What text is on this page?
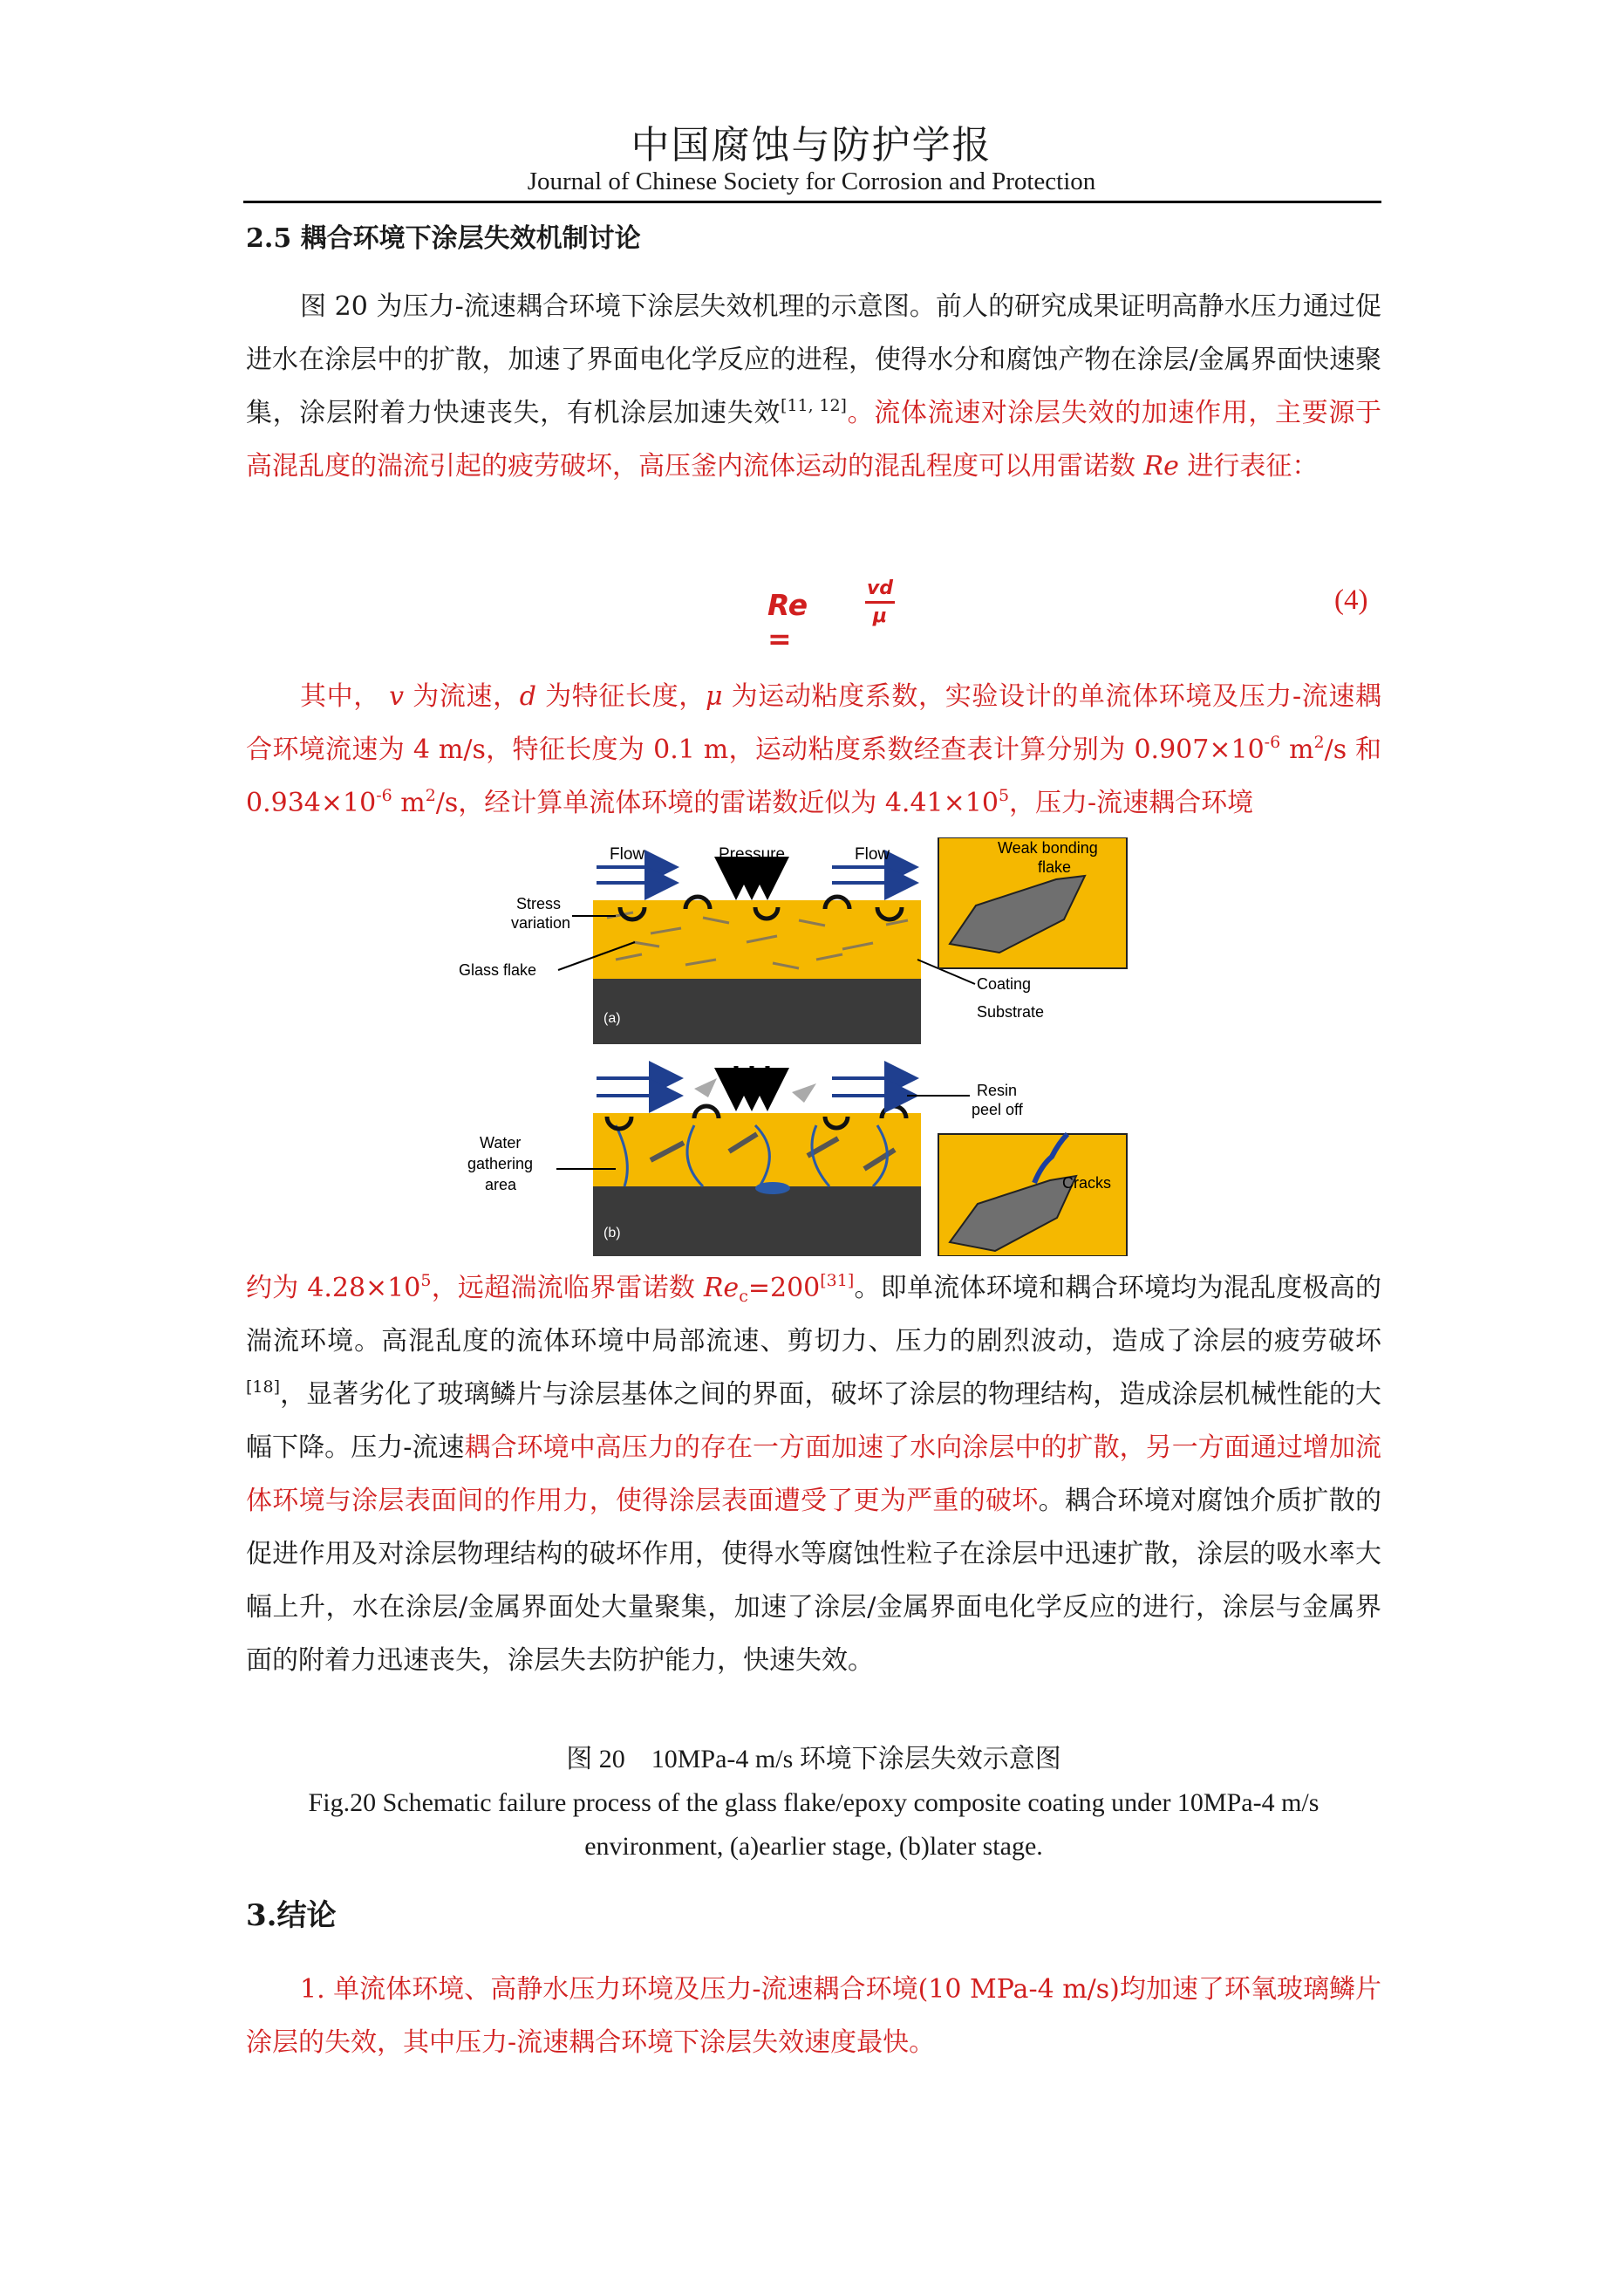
中国腐蚀与防护学报
Journal of Chinese Society for Corrosion and Protection
2.5 耦合环境下涂层失效机制讨论
图 20 为压力-流速耦合环境下涂层失效机理的示意图。前人的研究成果证明高静水压力通过促进水在涂层中的扩散，加速了界面电化学反应的进程，使得水分和腐蚀产物在涂层/金属界面快速聚集，涂层附着力快速丧失，有机涂层加速失效[11, 12]。流体流速对涂层失效的加速作用，主要源于高混乱度的湍流引起的疲劳破坏，高压釜内流体运动的混乱程度可以用雷诺数 Re 进行表征：
Re =
vd
μ
(4)
其中， v 为流速，d 为特征长度，μ 为运动粘度系数，实验设计的单流体环境及压力-流速耦合环境流速为 4 m/s，特征长度为 0.1 m，运动粘度系数经查表计算分别为 $0.907\times 10^{-6}$ $m^2/s$ 和 $0.934\times 10^{-6}$ $m^2/s$，经计算单流体环境的雷诺数近似为 $4.41\times 10^5$，压力-流速耦合环境
Flow	Pressure	Flow
Stress
variation
Glass flake
Coating
Substrate
(a)
Weak bonding
flake
Resin
peel off
Water
gathering
area
(b)
Cracks
约为 $4.28\times 10^5$，远超湍流临界雷诺数 $Re_c=200[31]$。即单流体环境和耦合环境均为混乱度极高的湍流环境。高混乱度的流体环境中局部流速、剪切力、压力的剧烈波动，造成了涂层的疲劳破坏[18]，显著劣化了玻璃鳞片与涂层基体之间的界面，破坏了涂层的物理结构，造成涂层机械性能的大幅下降。压力-流速耦合环境中高压力的存在一方面加速了水向涂层中的扩散，另一方面通过增加流体环境与涂层表面间的作用力，使得涂层表面遭受了更为严重的破坏。耦合环境对腐蚀介质扩散的促进作用及对涂层物理结构的破坏作用，使得水等腐蚀性粒子在涂层中迅速扩散，涂层的吸水率大幅上升，水在涂层/金属界面处大量聚集，加速了涂层/金属界面电化学反应的进行，涂层与金属界面的附着力迅速丧失，涂层失去防护能力，快速失效。
图 20　10MPa-4 m/s 环境下涂层失效示意图
Fig.20 Schematic failure process of the glass flake/epoxy composite coating under 10MPa-4 m/s
environment, (a)earlier stage, (b)later stage.
3.结论
1. 单流体环境、高静水压力环境及压力-流速耦合环境(10 MPa-4 m/s)均加速了环氧玻璃鳞片涂层的失效，其中压力-流速耦合环境下涂层失效速度最快。
